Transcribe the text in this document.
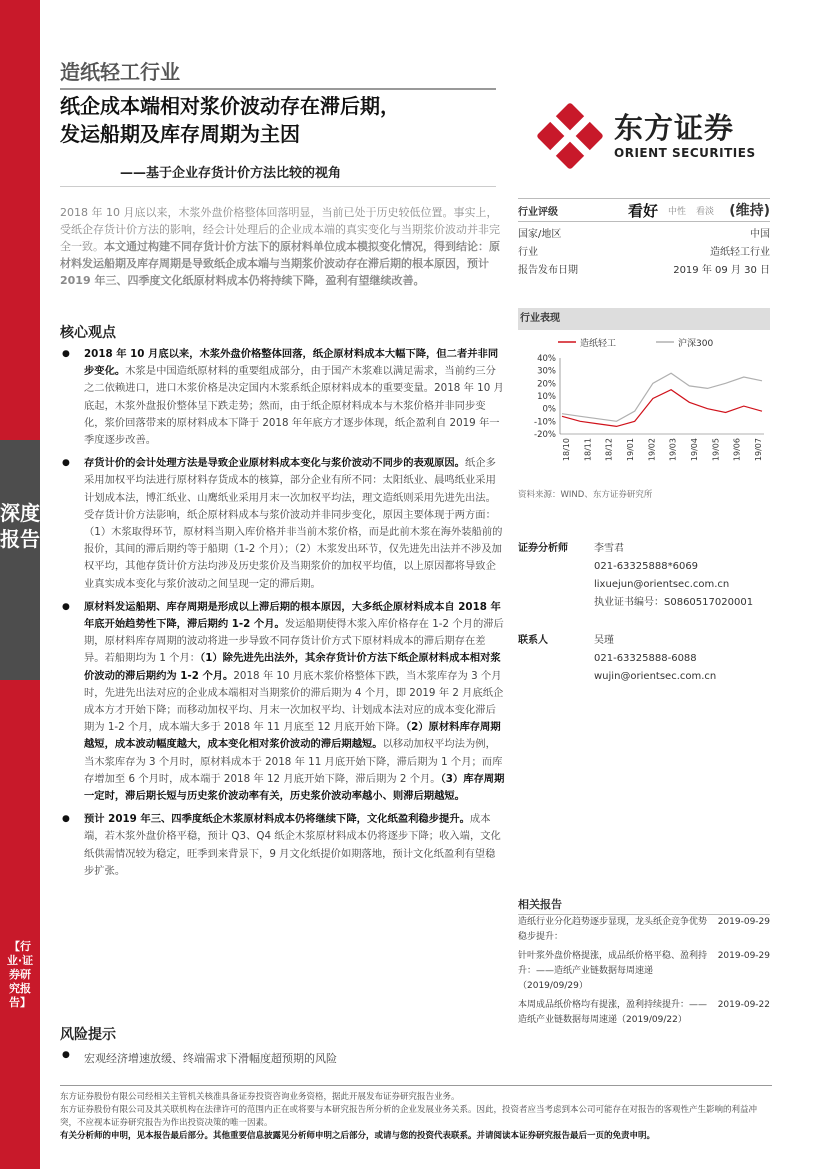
深度报告
【行业·证券研究报告】
造纸轻工行业
纸企成本端相对浆价波动存在滞后期，
发运船期及库存周期为主因
——基于企业存货计价方法比较的视角
东方证券
ORIENT SECURITIES
2018 年 10 月底以来，木浆外盘价格整体回落明显，当前已处于历史较低位置。事实上，受纸企存货计价方法的影响，经会计处理后的企业成本端的真实变化与当期浆价波动并非完全一致。本文通过构建不同存货计价方法下的原材料单位成本模拟变化情况，得到结论：原材料发运船期及库存周期是导致纸企成本端与当期浆价波动存在滞后期的根本原因，预计 2019 年三、四季度文化纸原材料成本仍将持续下降，盈利有望继续改善。
核心观点
● 2018 年 10 月底以来，木浆外盘价格整体回落，纸企原材料成本大幅下降，但二者并非同步变化。木浆是中国造纸原材料的重要组成部分，由于国产木浆难以满足需求，当前约三分之二依赖进口，进口木浆价格是决定国内木浆系纸企原材料成本的重要变量。2018 年 10 月底起，木浆外盘报价整体呈下跌走势；然而，由于纸企原材料成本与木浆价格并非同步变化，浆价回落带来的原材料成本下降于 2018 年年底方才逐步体现，纸企盈利自 2019 年一季度逐步改善。
● 存货计价的会计处理方法是导致企业原材料成本变化与浆价波动不同步的表观原因。纸企多采用加权平均法进行原材料存货成本的核算，部分企业有所不同：太阳纸业、晨鸣纸业采用计划成本法，博汇纸业、山鹰纸业采用月末一次加权平均法，理文造纸则采用先进先出法。受存货计价方法影响，纸企原材料成本与浆价波动并非同步变化，原因主要体现于两方面：（1）木浆取得环节，原材料当期入库价格并非当前木浆价格，而是此前木浆在海外装船前的报价，其间的滞后期约等于船期（1-2 个月）；（2）木浆发出环节，仅先进先出法并不涉及加权平均，其他存货计价方法均涉及历史浆价及当期浆价的加权平均值，以上原因都将导致企业真实成本变化与浆价波动之间呈现一定的滞后期。
● 原材料发运船期、库存周期是形成以上滞后期的根本原因，大多纸企原材料成本自 2018 年年底开始趋势性下降，滞后期约 1-2 个月。发运船期使得木浆入库价格存在 1-2 个月的滞后期，原材料库存周期的波动将进一步导致不同存货计价方式下原材料成本的滞后期存在差异。若船期均为 1 个月：（1）除先进先出法外，其余存货计价方法下纸企原材料成本相对浆价波动的滞后期约为 1-2 个月。2018 年 10 月底木浆价格整体下跌，当木浆库存为 3 个月时，先进先出法对应的企业成本端相对当期浆价的滞后期为 4 个月，即 2019 年 2 月底纸企成本方才开始下降；而移动加权平均、月末一次加权平均、计划成本法对应的成本变化滞后期为 1-2 个月，成本端大多于 2018 年 11 月底至 12 月底开始下降。（2）原材料库存周期越短，成本波动幅度越大，成本变化相对浆价波动的滞后期越短。以移动加权平均法为例，当木浆库存为 3 个月时，原材料成本于 2018 年 11 月底开始下降，滞后期为 1 个月；而库存增加至 6 个月时，成本端于 2018 年 12 月底开始下降，滞后期为 2 个月。（3）库存周期一定时，滞后期长短与历史浆价波动率有关，历史浆价波动率越小、则滞后期越短。
● 预计 2019 年三、四季度纸企木浆原材料成本仍将继续下降，文化纸盈利稳步提升。成本端，若木浆外盘价格平稳，预计 Q3、Q4 纸企木浆原材料成本仍将逐步下降；收入端，文化纸供需情况较为稳定，旺季到来背景下，9 月文化纸提价如期落地，预计文化纸盈利有望稳步扩张。
风险提示
● 宏观经济增速放缓、终端需求下滑幅度超预期的风险
行业评级	看好 中性 看淡 (维持)
国家/地区	中国
行业	造纸轻工行业
报告发布日期	2019 年 09 月 30 日
行业表现
造纸轻工	沪深300
40%
30%
20%
10%
0%
-10%
-20%
18/10 18/11 18/12 19/01 19/02 19/03 19/04 19/05 19/06 19/07
资料来源：WIND、东方证券研究所
证券分析师	李雪君
021-63325888*6069
lixuejun@orientsec.com.cn
执业证书编号：S0860517020001
联系人	吴瑾
021-63325888-6088
wujin@orientsec.com.cn
相关报告
造纸行业分化趋势逐步显现，龙头纸企竞争优势稳步提升：
2019-09-29
针叶浆外盘价格提涨，成品纸价格平稳、盈利持升：——造纸产业链数据每周速递（2019/09/29）
2019-09-29
本周成品纸价格均有提涨，盈利持续提升：——造纸产业链数据每周速递（2019/09/22）
2019-09-22

东方证券股份有限公司经相关主管机关核准具备证券投资咨询业务资格，据此开展发布证券研究报告业务。

东方证券股份有限公司及其关联机构在法律许可的范围内正在或将要与本研究报告所分析的企业发展业务关系。因此，投资者应当考虑到本公司可能存在对报告的客观性产生影响的利益冲突，不应视本证券研究报告为作出投资决策的唯一因素。

有关分析师的申明，见本报告最后部分。其他重要信息披露见分析师申明之后部分，或请与您的投资代表联系。并请阅读本证券研究报告最后一页的免责申明。
